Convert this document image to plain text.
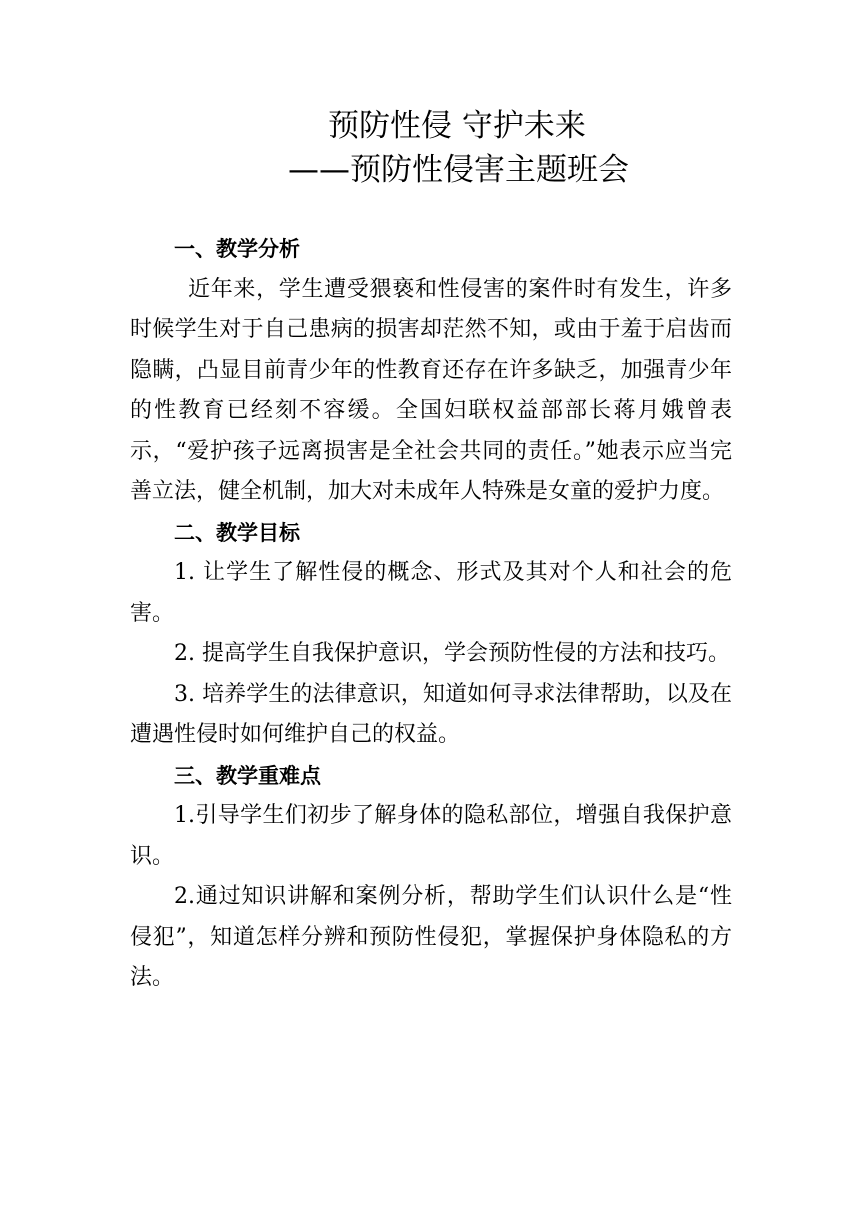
预防性侵 守护未来
——预防性侵害主题班会
一、教学分析
近年来，学生遭受猥亵和性侵害的案件时有发生，许多时候学生对于自己患病的损害却茫然不知，或由于羞于启齿而隐瞒，凸显目前青少年的性教育还存在许多缺乏，加强青少年的性教育已经刻不容缓。全国妇联权益部部长蒋月娥曾表示，“爱护孩子远离损害是全社会共同的责任。”她表示应当完善立法，健全机制，加大对未成年人特殊是女童的爱护力度。
二、教学目标
1. 让学生了解性侵的概念、形式及其对个人和社会的危害。
2. 提高学生自我保护意识，学会预防性侵的方法和技巧。
3. 培养学生的法律意识，知道如何寻求法律帮助，以及在遭遇性侵时如何维护自己的权益。
三、教学重难点
1.引导学生们初步了解身体的隐私部位，增强自我保护意识。
2.通过知识讲解和案例分析，帮助学生们认识什么是“性侵犯”，知道怎样分辨和预防性侵犯，掌握保护身体隐私的方法。
